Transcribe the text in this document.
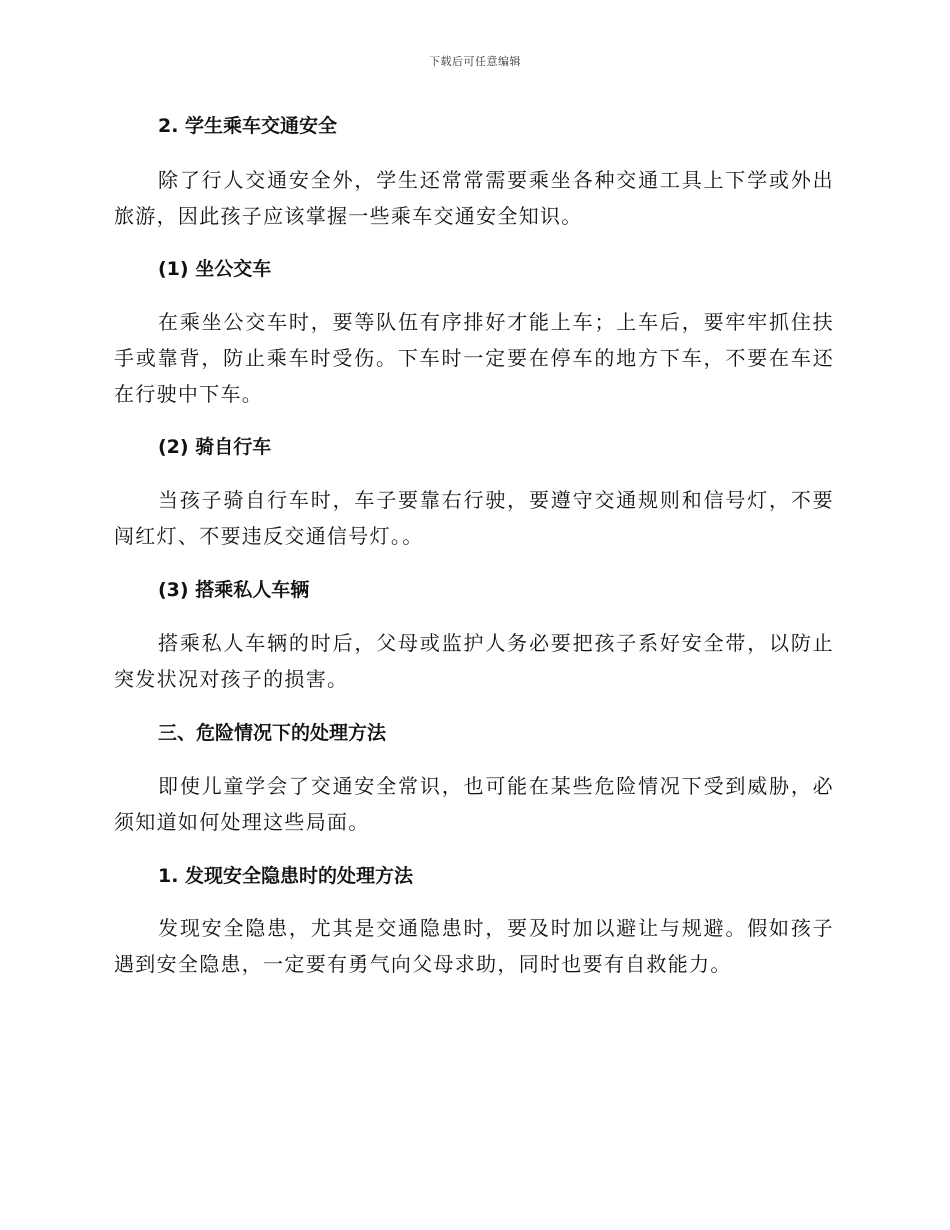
下载后可任意编辑
2. 学生乘车交通安全

除了行人交通安全外，学生还常常需要乘坐各种交通工具上下学或外出旅游，因此孩子应该掌握一些乘车交通安全知识。

(1) 坐公交车

在乘坐公交车时，要等队伍有序排好才能上车；上车后，要牢牢抓住扶手或靠背，防止乘车时受伤。下车时一定要在停车的地方下车，不要在车还在行驶中下车。

(2) 骑自行车

当孩子骑自行车时，车子要靠右行驶，要遵守交通规则和信号灯，不要闯红灯、不要违反交通信号灯。。

(3) 搭乘私人车辆

搭乘私人车辆的时后，父母或监护人务必要把孩子系好安全带，以防止突发状况对孩子的损害。

三、危险情况下的处理方法

即使儿童学会了交通安全常识，也可能在某些危险情况下受到威胁，必须知道如何处理这些局面。

1. 发现安全隐患时的处理方法

发现安全隐患，尤其是交通隐患时，要及时加以避让与规避。假如孩子遇到安全隐患，一定要有勇气向父母求助，同时也要有自救能力。
